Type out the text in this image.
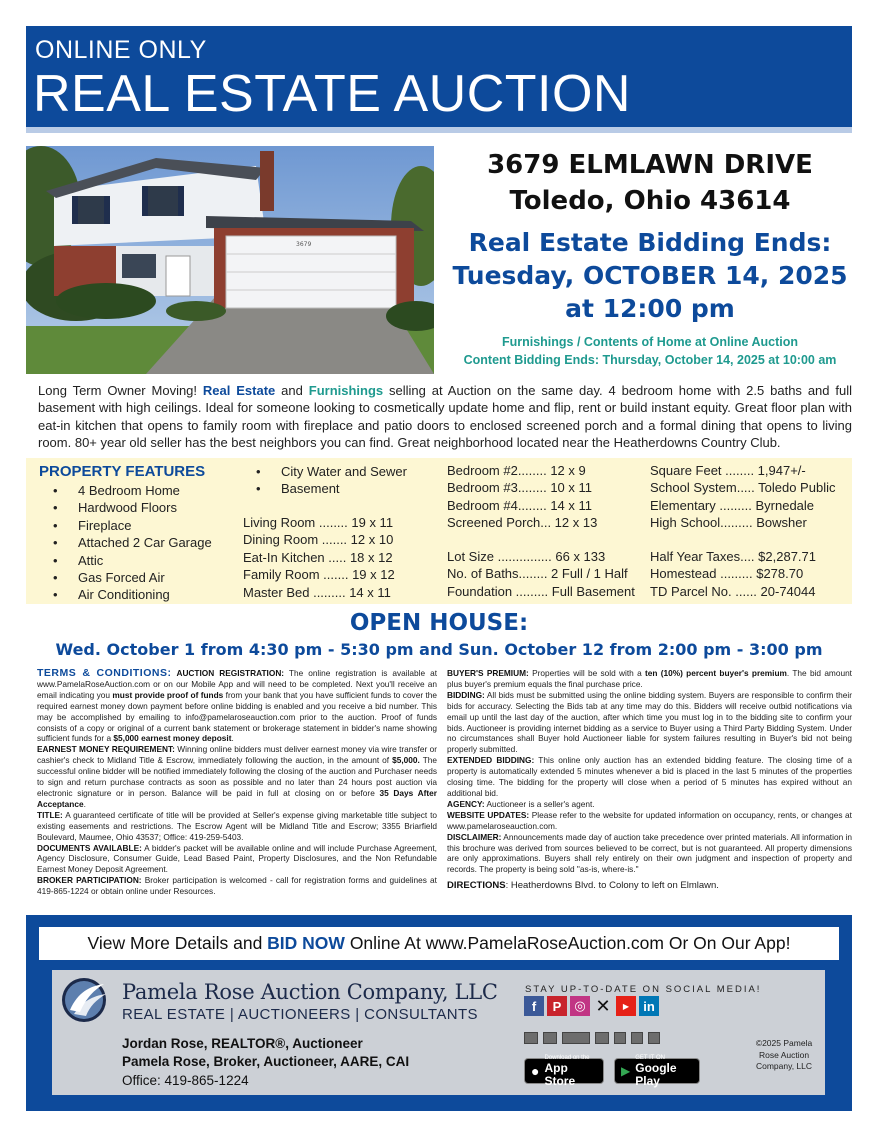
ONLINE ONLY
REAL ESTATE AUCTION
3679
3679 ELMLAWN DRIVE
Toledo, Ohio 43614
Real Estate Bidding Ends:
Tuesday, OCTOBER 14, 2025
at 12:00 pm
Furnishings / Contents of Home at Online Auction
Content Bidding Ends: Thursday, October 14, 2025 at 10:00 am
Long Term Owner Moving! Real Estate and Furnishings selling at Auction on the same day. 4 bedroom home with 2.5 baths and full basement with high ceilings. Ideal for someone looking to cosmetically update home and flip, rent or build instant equity. Great floor plan with eat-in kitchen that opens to family room with fireplace and patio doors to enclosed screened porch and a formal dining that opens to living room. 80+ year old seller has the best neighbors you can find. Great neighborhood located near the Heatherdowns Country Club.
PROPERTY FEATURES
• 4 Bedroom Home
• Hardwood Floors
• Fireplace
• Attached 2 Car Garage
• Attic
• Gas Forced Air
• Air Conditioning
• City Water and Sewer
• Basement
Living Room ........ 19 x 11
Dining Room ....... 12 x 10
Eat-In Kitchen ..... 18 x 12
Family Room ....... 19 x 12
Master Bed ......... 14 x 11
Bedroom #2........ 12 x 9
Bedroom #3........ 10 x 11
Bedroom #4........ 14 x 11
Screened Porch... 12 x 13
Lot Size ............... 66 x 133
No. of Baths........ 2 Full / 1 Half
Foundation ......... Full Basement
Square Feet ........ 1,947+/-
School System..... Toledo Public
Elementary ......... Byrnedale
High School......... Bowsher
Half Year Taxes.... $2,287.71
Homestead ......... $278.70
TD Parcel No. ...... 20-74044
OPEN HOUSE:
Wed. October 1 from 4:30 pm - 5:30 pm and Sun. October 12 from 2:00 pm - 3:00 pm

TERMS & CONDITIONS: AUCTION REGISTRATION: The online registration is available at www.PamelaRoseAuction.com or on our Mobile App and will need to be completed. Next you'll receive an email indicating you must provide proof of funds from your bank that you have sufficient funds to cover the required earnest money down payment before online bidding is enabled and you receive a bid number. This may be accomplished by emailing to info@pamelaroseauction.com prior to the auction. Proof of funds consists of a copy or original of a current bank statement or brokerage statement in bidder's name showing sufficient funds for a $5,000 earnest money deposit.

EARNEST MONEY REQUIREMENT: Winning online bidders must deliver earnest money via wire transfer or cashier's check to Midland Title & Escrow, immediately following the auction, in the amount of $5,000. The successful online bidder will be notified immediately following the closing of the auction and Purchaser needs to sign and return purchase contracts as soon as possible and no later than 24 hours post auction via electronic signature or in person. Balance will be paid in full at closing on or before 35 Days After Acceptance.

TITLE: A guaranteed certificate of title will be provided at Seller's expense giving marketable title subject to existing easements and restrictions. The Escrow Agent will be Midland Title and Escrow; 3355 Briarfield Boulevard, Maumee, Ohio 43537; Office: 419-259-5403.

DOCUMENTS AVAILABLE: A bidder's packet will be available online and will include Purchase Agreement, Agency Disclosure, Consumer Guide, Lead Based Paint, Property Disclosures, and the Non Refundable Earnest Money Deposit Agreement.

BROKER PARTICIPATION: Broker participation is welcomed - call for registration forms and guidelines at 419-865-1224 or obtain online under Resources.

BUYER'S PREMIUM: Properties will be sold with a ten (10%) percent buyer's premium. The bid amount plus buyer's premium equals the final purchase price.

BIDDING: All bids must be submitted using the online bidding system. Buyers are responsible to confirm their bids for accuracy. Selecting the Bids tab at any time may do this. Bidders will receive outbid notifications via email up until the last day of the auction, after which time you must log in to the bidding site to confirm your bids. Auctioneer is providing internet bidding as a service to Buyer using a Third Party Bidding System. Under no circumstances shall Buyer hold Auctioneer liable for system failures resulting in Buyer's bid not being properly submitted.

EXTENDED BIDDING: This online only auction has an extended bidding feature. The closing time of a property is automatically extended 5 minutes whenever a bid is placed in the last 5 minutes of the properties closing time. The bidding for the property will close when a period of 5 minutes has expired without an additional bid.

AGENCY: Auctioneer is a seller's agent.

WEBSITE UPDATES: Please refer to the website for updated information on occupancy, rents, or changes at www.pamelaroseauction.com.

DISCLAIMER: Announcements made day of auction take precedence over printed materials. All information in this brochure was derived from sources believed to be correct, but is not guaranteed. All property dimensions are only approximations. Buyers shall rely entirely on their own judgment and inspection of property and records. The property is being sold "as-is, where-is."

DIRECTIONS: Heatherdowns Blvd. to Colony to left on Elmlawn.

View More Details and BID NOW Online At www.PamelaRoseAuction.com Or On Our App!
Pamela Rose Auction Company, LLC
REAL ESTATE | AUCTIONEERS | CONSULTANTS
Jordan Rose, REALTOR®, Auctioneer
Pamela Rose, Broker, Auctioneer, AARE, CAI
Office: 419-865-1224
STAY UP-TO-DATE ON SOCIAL MEDIA!
f	P	◎ ✕	▶	in
●
Download on the
App Store
▶
GET IT ON
Google Play
©2025 Pamela Rose Auction Company, LLC
